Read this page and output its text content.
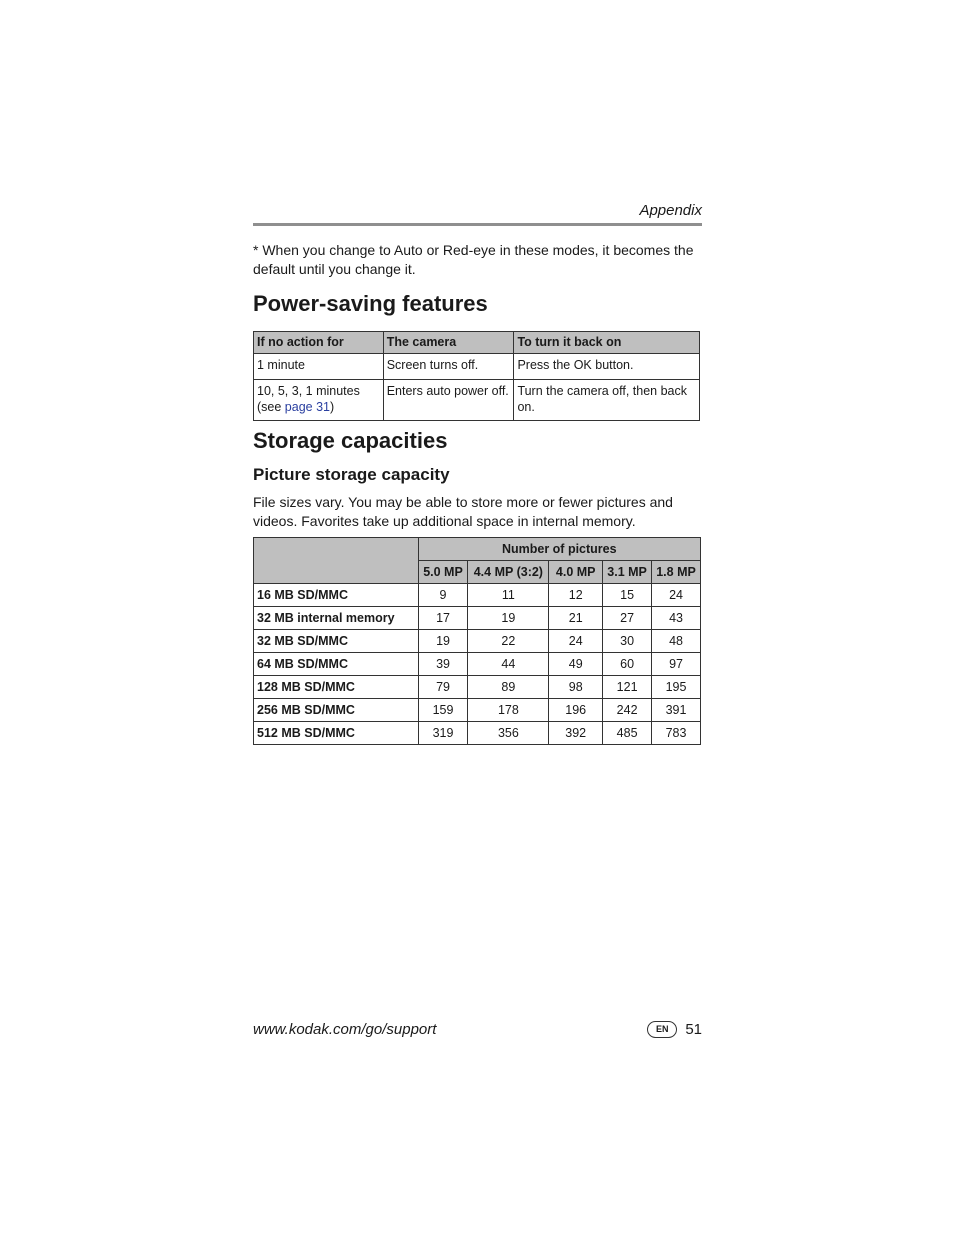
Appendix
* When you change to Auto or Red-eye in these modes, it becomes the default until you change it.
Power-saving features
If no action for	The camera	To turn it back on
1 minute	Screen turns off.	Press the OK button.
10, 5, 3, 1 minutes (see page 31)	Enters auto power off.	Turn the camera off, then back on.
Storage capacities
Picture storage capacity
File sizes vary. You may be able to store more or fewer pictures and videos. Favorites take up additional space in internal memory.
	Number of pictures				
	5.0 MP	4.4 MP (3:2)	4.0 MP	3.1 MP	1.8 MP
16 MB SD/MMC	9	11	12	15	24
32 MB internal memory	17	19	21	27	43
32 MB SD/MMC	19	22	24	30	48
64 MB SD/MMC	39	44	49	60	97
128 MB SD/MMC	79	89	98	121	195
256 MB SD/MMC	159	178	196	242	391
512 MB SD/MMC	319	356	392	485	783
www.kodak.com/go/support	EN	51
